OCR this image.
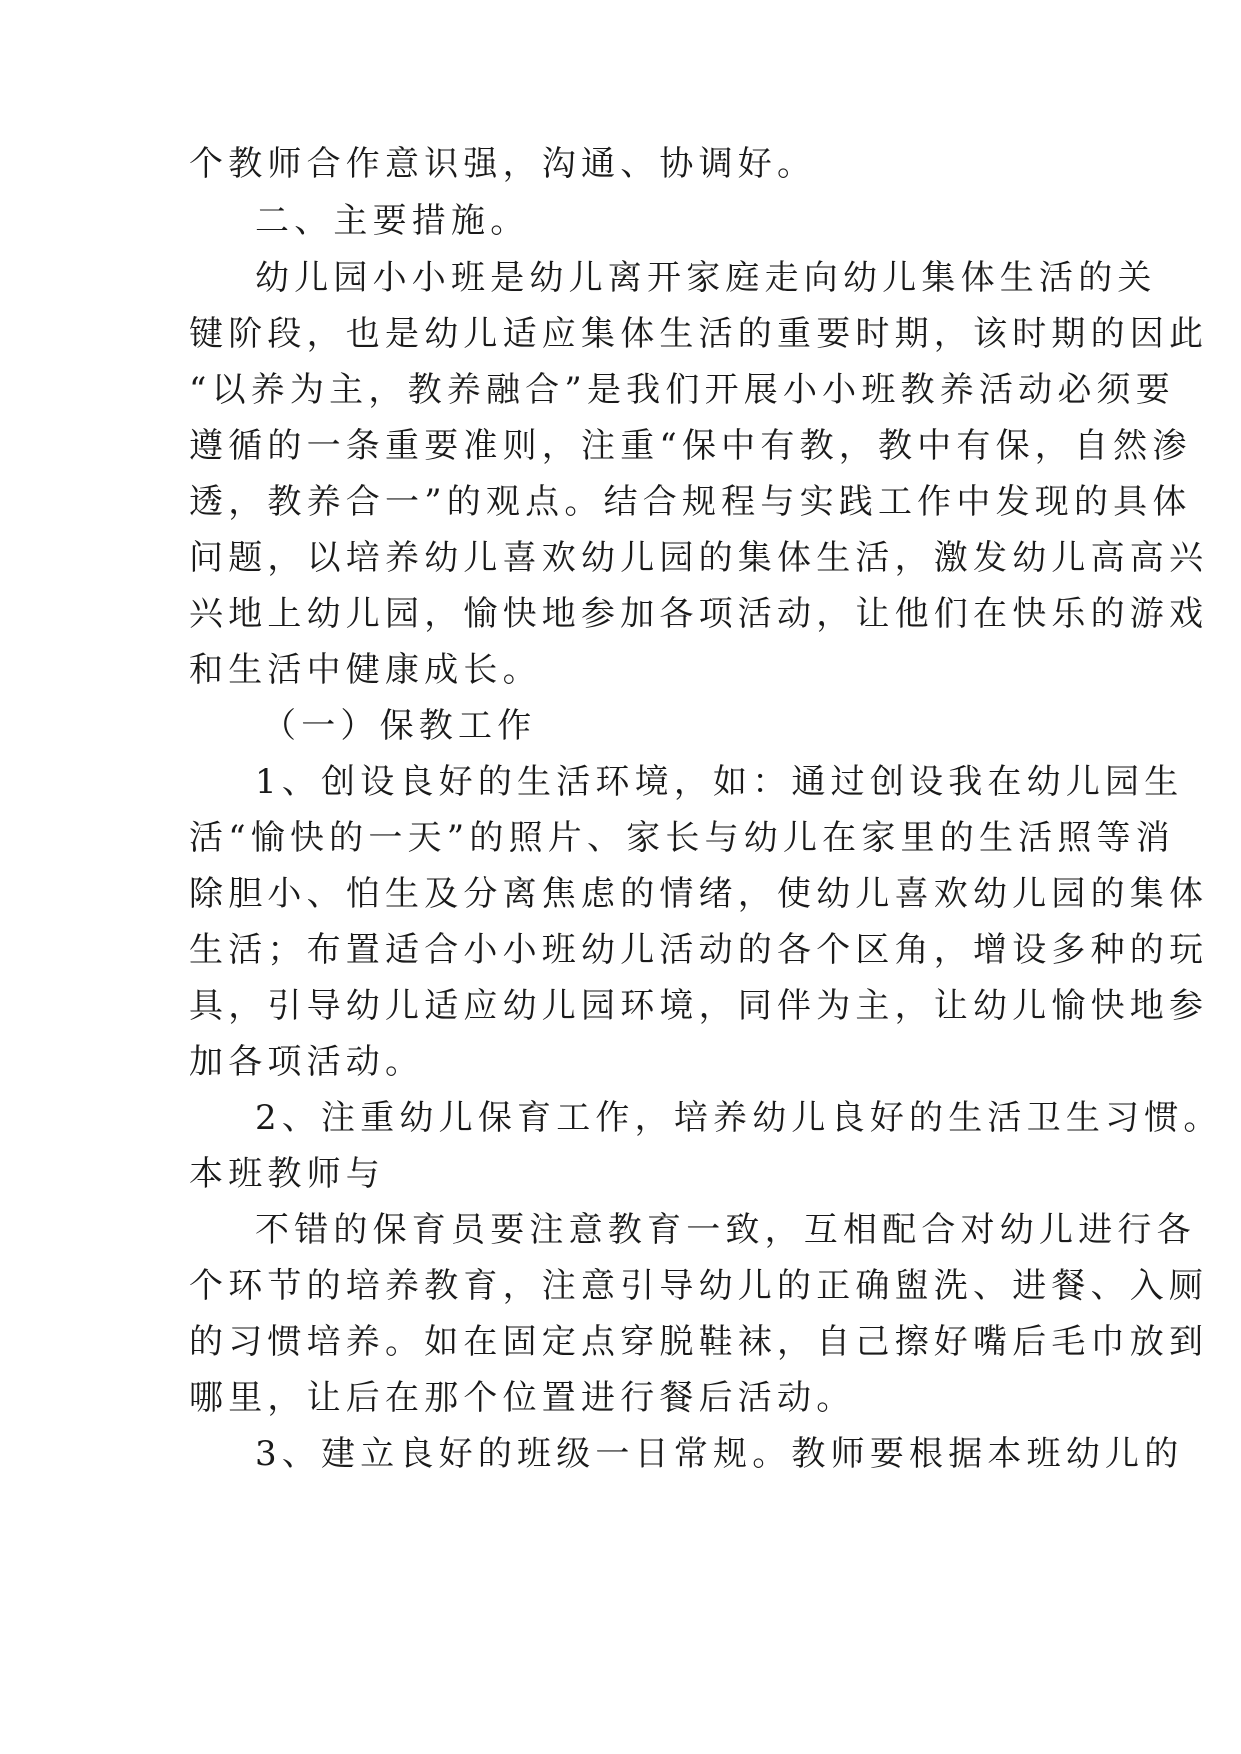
个教师合作意识强，沟通、协调好。
二、主要措施。
幼儿园小小班是幼儿离开家庭走向幼儿集体生活的关
键阶段，也是幼儿适应集体生活的重要时期，该时期的因此
“以养为主，教养融合”是我们开展小小班教养活动必须要
遵循的一条重要准则，注重“保中有教，教中有保，自然渗
透，教养合一”的观点。结合规程与实践工作中发现的具体
问题，以培养幼儿喜欢幼儿园的集体生活，激发幼儿高高兴
兴地上幼儿园，愉快地参加各项活动，让他们在快乐的游戏
和生活中健康成长。
（一）保教工作
1、创设良好的生活环境，如：通过创设我在幼儿园生
活“愉快的一天”的照片、家长与幼儿在家里的生活照等消
除胆小、怕生及分离焦虑的情绪，使幼儿喜欢幼儿园的集体
生活；布置适合小小班幼儿活动的各个区角，增设多种的玩
具，引导幼儿适应幼儿园环境，同伴为主，让幼儿愉快地参
加各项活动。
2、注重幼儿保育工作，培养幼儿良好的生活卫生习惯。
本班教师与
不错的保育员要注意教育一致，互相配合对幼儿进行各
个环节的培养教育，注意引导幼儿的正确盥洗、进餐、入厕
的习惯培养。如在固定点穿脱鞋袜，自己擦好嘴后毛巾放到
哪里，让后在那个位置进行餐后活动。
3、建立良好的班级一日常规。教师要根据本班幼儿的
